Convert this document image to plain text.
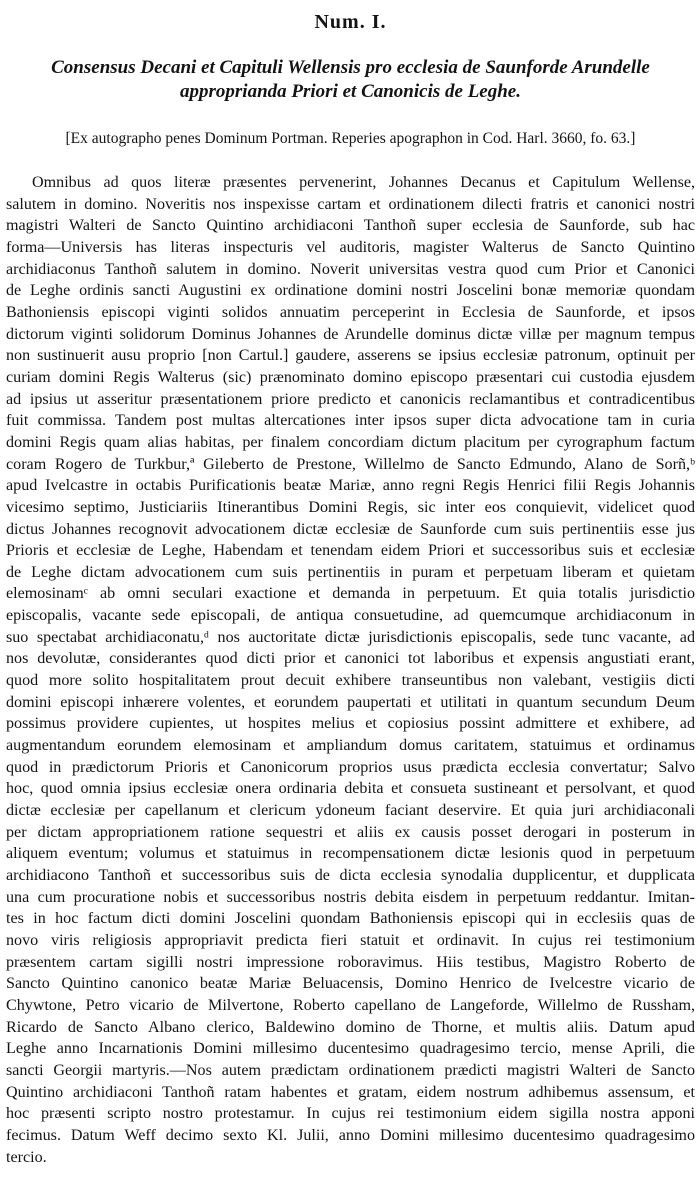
Num. I.
Consensus Decani et Capituli Wellensis pro ecclesia de Saunforde Arundelle
approprianda Priori et Canonicis de Leghe.
[Ex autographo penes Dominum Portman. Reperies apographon in Cod. Harl. 3660, fo. 63.]
Omnibus ad quos literæ præsentes pervenerint, Johannes Decanus et Capitulum Wellense,
salutem in domino. Noveritis nos inspexisse cartam et ordinationem dilecti fratris et canonici nostri
magistri Walteri de Sancto Quintino archidiaconi Tanthoñ super ecclesia de Saunforde, sub hac
forma—Universis has literas inspecturis vel auditoris, magister Walterus de Sancto Quintino
archidiaconus Tanthoñ salutem in domino. Noverit universitas vestra quod cum Prior et Canonici
de Leghe ordinis sancti Augustini ex ordinatione domini nostri Joscelini bonæ memoriæ quondam
Bathoniensis episcopi viginti solidos annuatim perceperint in Ecclesia de Saunforde, et ipsos
dictorum viginti solidorum Dominus Johannes de Arundelle dominus dictæ villæ per magnum tempus
non sustinuerit ausu proprio [non Cartul.] gaudere, asserens se ipsius ecclesiæ patronum, optinuit per
curiam domini Regis Walterus (sic) prænominato domino episcopo præsentari cui custodia ejusdem
ad ipsius ut asseritur præsentationem priore predicto et canonicis reclamantibus et contradicentibus
fuit commissa. Tandem post multas altercationes inter ipsos super dicta advocatione tam in curia
domini Regis quam alias habitas, per finalem concordiam dictum placitum per cyrographum factum
coram Rogero de Turkbur,ª Gileberto de Prestone, Willelmo de Sancto Edmundo, Alano de Sorñ,ᵇ
apud Ivelcastre in octabis Purificationis beatæ Mariæ, anno regni Regis Henrici filii Regis Johannis
vicesimo septimo, Justiciariis Itinerantibus Domini Regis, sic inter eos conquievit, videlicet quod
dictus Johannes recognovit advocationem dictæ ecclesiæ de Saunforde cum suis pertinentiis esse jus
Prioris et ecclesiæ de Leghe, Habendam et tenendam eidem Priori et successoribus suis et ecclesiæ
de Leghe dictam advocationem cum suis pertinentiis in puram et perpetuam liberam et quietam
elemosinamᶜ ab omni seculari exactione et demanda in perpetuum. Et quia totalis jurisdictio
episcopalis, vacante sede episcopali, de antiqua consuetudine, ad quemcumque archidiaconum in
suo spectabat archidiaconatu,ᵈ nos auctoritate dictæ jurisdictionis episcopalis, sede tunc vacante, ad
nos devolutæ, considerantes quod dicti prior et canonici tot laboribus et expensis angustiati erant,
quod more solito hospitalitatem prout decuit exhibere transeuntibus non valebant, vestigiis dicti
domini episcopi inhærere volentes, et eorundem paupertati et utilitati in quantum secundum Deum
possimus providere cupientes, ut hospites melius et copiosius possint admittere et exhibere, ad
augmentandum eorundem elemosinam et ampliandum domus caritatem, statuimus et ordinamus
quod in prædictorum Prioris et Canonicorum proprios usus prædicta ecclesia convertatur; Salvo
hoc, quod omnia ipsius ecclesiæ onera ordinaria debita et consueta sustineant et persolvant, et quod
dictæ ecclesiæ per capellanum et clericum ydoneum faciant deservire. Et quia juri archidiaconali
per dictam appropriationem ratione sequestri et aliis ex causis posset derogari in posterum in
aliquem eventum; volumus et statuimus in recompensationem dictæ lesionis quod in perpetuum
archidiacono Tanthoñ et successoribus suis de dicta ecclesia synodalia dupplicentur, et dupplicata
una cum procuratione nobis et successoribus nostris debita eisdem in perpetuum reddantur. Imitan-
tes in hoc factum dicti domini Joscelini quondam Bathoniensis episcopi qui in ecclesiis quas de
novo viris religiosis appropriavit predicta fieri statuit et ordinavit. In cujus rei testimonium
præsentem cartam sigilli nostri impressione roboravimus. Hiis testibus, Magistro Roberto de
Sancto Quintino canonico beatæ Mariæ Beluacensis, Domino Henrico de Ivelcestre vicario de
Chywtone, Petro vicario de Milvertone, Roberto capellano de Langeforde, Willelmo de Russham,
Ricardo de Sancto Albano clerico, Baldewino domino de Thorne, et multis aliis. Datum apud
Leghe anno Incarnationis Domini millesimo ducentesimo quadragesimo tercio, mense Aprili, die
sancti Georgii martyris.—Nos autem prædictam ordinationem prædicti magistri Walteri de Sancto
Quintino archidiaconi Tanthoñ ratam habentes et gratam, eidem nostrum adhibemus assensum, et
hoc præsenti scripto nostro protestamur. In cujus rei testimonium eidem sigilla nostra apponi
fecimus. Datum Weff decimo sexto Kl. Julii, anno Domini millesimo ducentesimo quadragesimo
tercio.
